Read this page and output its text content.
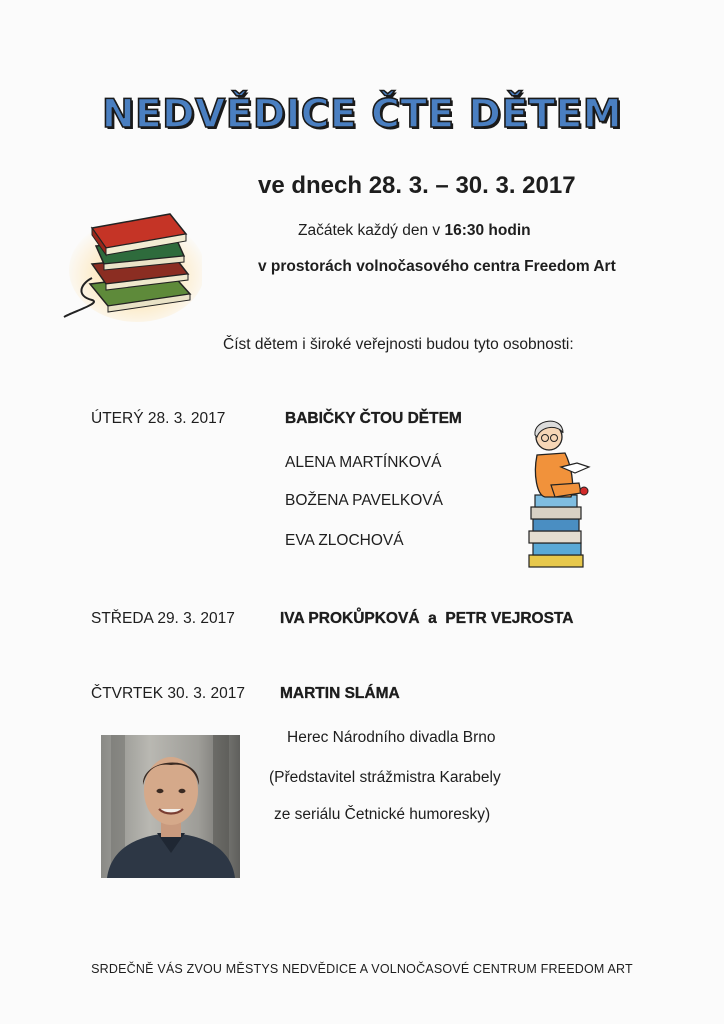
NEDVĚDICE ČTE DĚTEM
ve dnech 28. 3. – 30. 3. 2017
Začátek každý den v 16:30 hodin
v prostorách volnočasového centra Freedom Art
Číst dětem i široké veřejnosti budou tyto osobnosti:
ÚTERÝ 28. 3. 2017	BABIČKY ČTOU DĚTEM
ALENA MARTÍNKOVÁ
BOŽENA PAVELKOVÁ
EVA ZLOCHOVÁ
STŘEDA 29. 3. 2017	IVA PROKŮPKOVÁ a PETR VEJROSTA
ČTVRTEK 30. 3. 2017 MARTIN SLÁMA
Herec Národního divadla Brno
(Představitel strážmistra Karabely
ze seriálu Četnické humoresky)
SRDEČNĚ VÁS ZVOU MĚSTYS NEDVĚDICE A VOLNOČASOVÉ CENTRUM FREEDOM ART
